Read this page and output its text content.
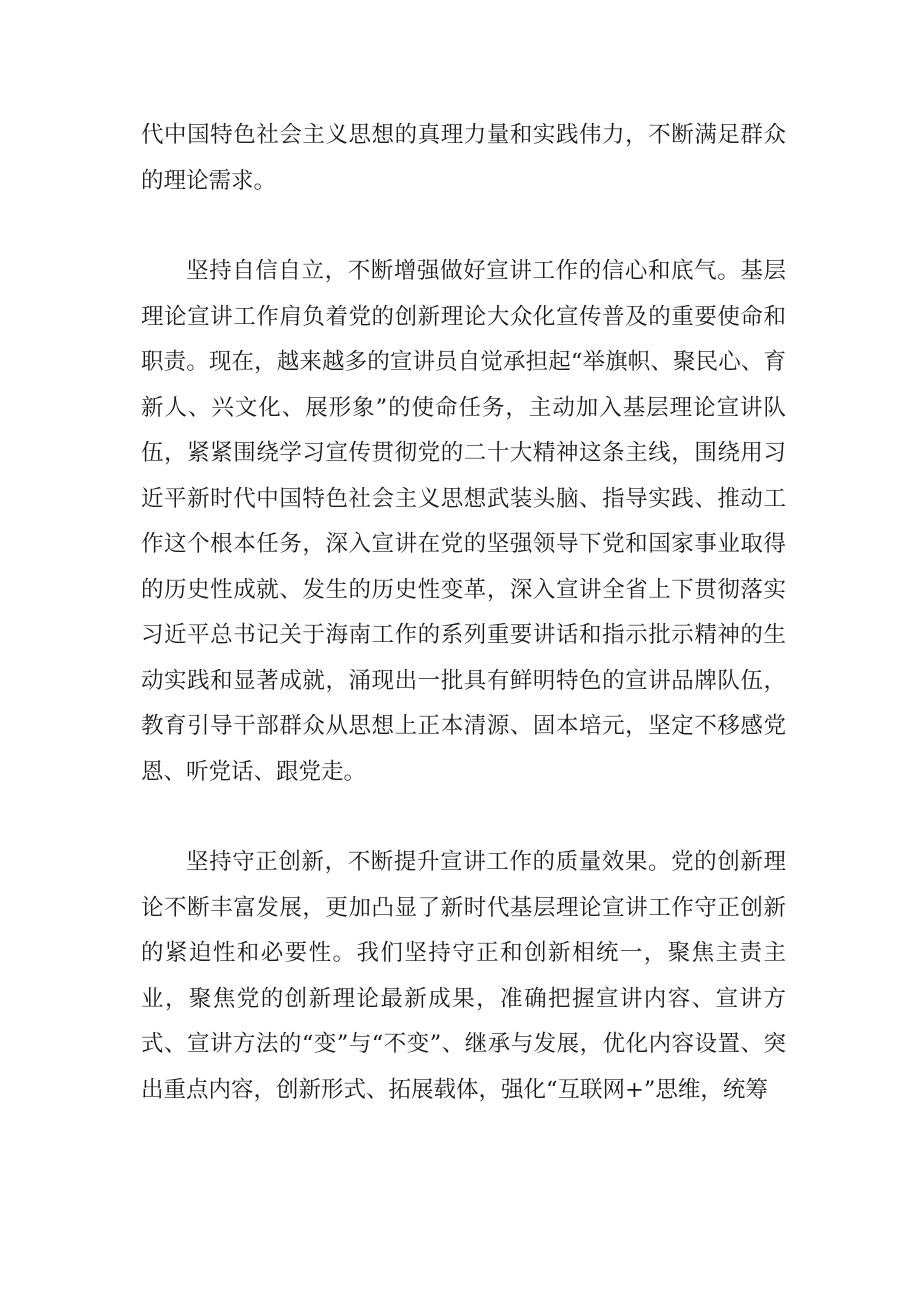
代中国特色社会主义思想的真理力量和实践伟力，不断满足群众的理论需求。

坚持自信自立，不断增强做好宣讲工作的信心和底气。基层理论宣讲工作肩负着党的创新理论大众化宣传普及的重要使命和职责。现在，越来越多的宣讲员自觉承担起“举旗帜、聚民心、育新人、兴文化、展形象”的使命任务，主动加入基层理论宣讲队伍，紧紧围绕学习宣传贯彻党的二十大精神这条主线，围绕用习近平新时代中国特色社会主义思想武装头脑、指导实践、推动工作这个根本任务，深入宣讲在党的坚强领导下党和国家事业取得的历史性成就、发生的历史性变革，深入宣讲全省上下贯彻落实习近平总书记关于海南工作的系列重要讲话和指示批示精神的生动实践和显著成就，涌现出一批具有鲜明特色的宣讲品牌队伍，教育引导干部群众从思想上正本清源、固本培元，坚定不移感党恩、听党话、跟党走。

坚持守正创新，不断提升宣讲工作的质量效果。党的创新理论不断丰富发展，更加凸显了新时代基层理论宣讲工作守正创新的紧迫性和必要性。我们坚持守正和创新相统一，聚焦主责主业，聚焦党的创新理论最新成果，准确把握宣讲内容、宣讲方式、宣讲方法的“变”与“不变”、继承与发展，优化内容设置、突出重点内容，创新形式、拓展载体，强化“互联网+”思维，统筹
